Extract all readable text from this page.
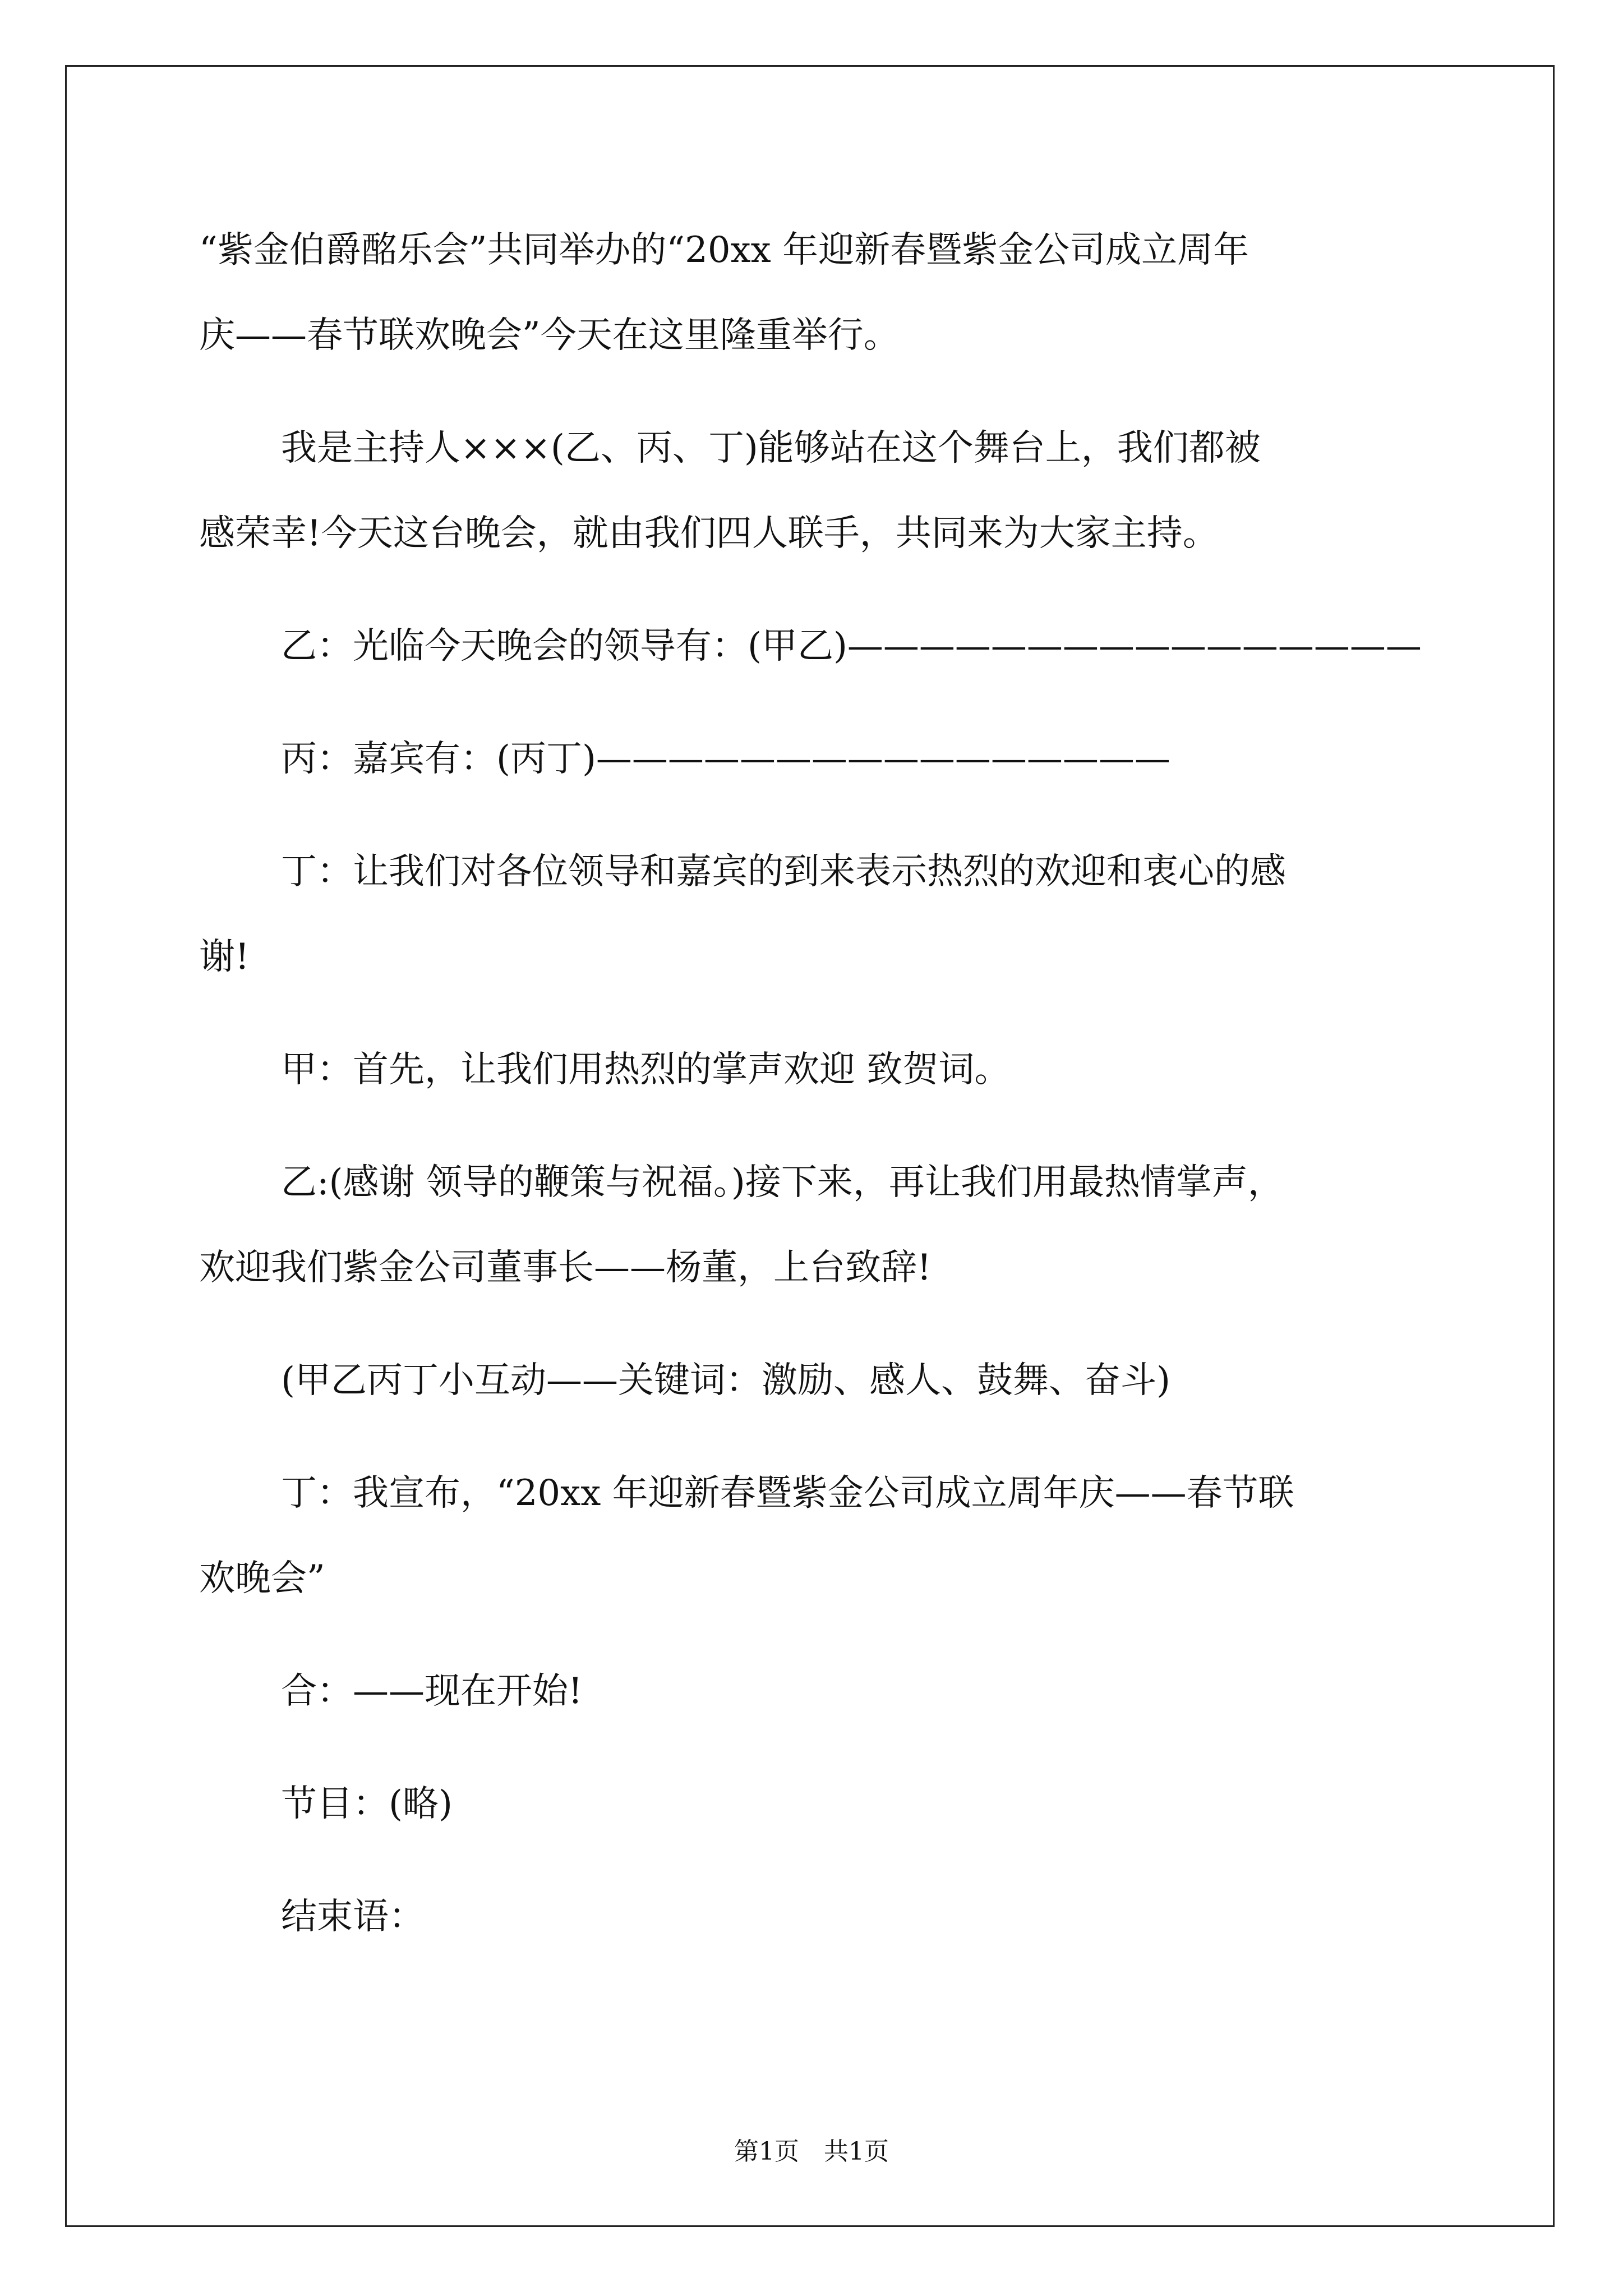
“紫金伯爵酩乐会”共同举办的“20xx 年迎新春暨紫金公司成立周年
庆——春节联欢晚会”今天在这里隆重举行。
我是主持人×××(乙、丙、丁)能够站在这个舞台上，我们都被
感荣幸!今天这台晚会，就由我们四人联手，共同来为大家主持。
乙：光临今天晚会的领导有：(甲乙)————————————————
丙：嘉宾有：(丙丁)————————————————
丁：让我们对各位领导和嘉宾的到来表示热烈的欢迎和衷心的感
谢!
甲：首先，让我们用热烈的掌声欢迎 致贺词。
乙:(感谢 领导的鞭策与祝福。)接下来，再让我们用最热情掌声，
欢迎我们紫金公司董事长——杨董，上台致辞!
(甲乙丙丁小互动——关键词：激励、感人、鼓舞、奋斗)
丁：我宣布，“20xx 年迎新春暨紫金公司成立周年庆——春节联
欢晚会”
合：——现在开始!
节目：(略)
结束语：
第1页　共1页
